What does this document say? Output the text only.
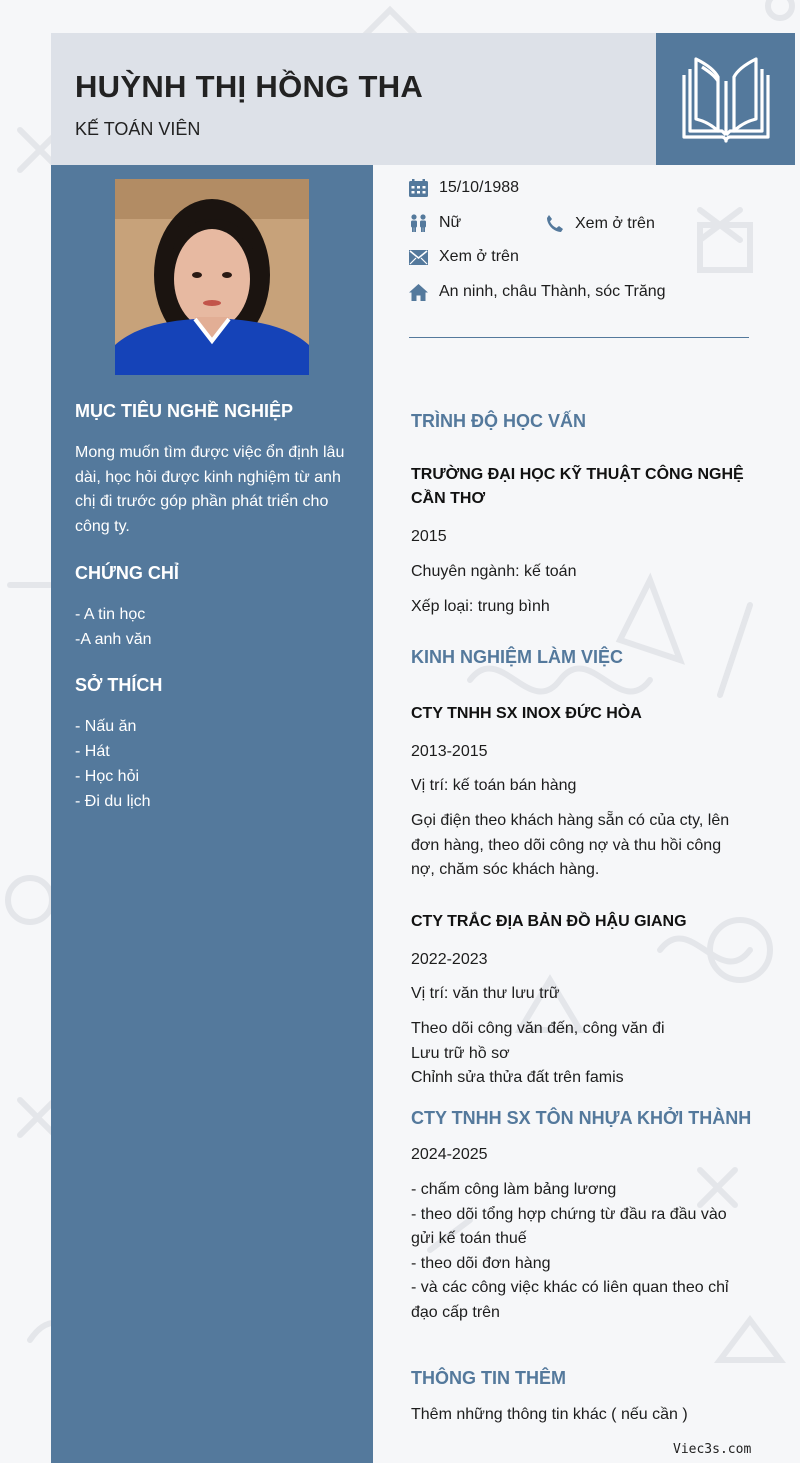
HUỲNH THỊ HỒNG THA
KẾ TOÁN VIÊN
MỤC TIÊU NGHỀ NGHIỆP

Mong muốn tìm được việc ổn định lâu dài, học hỏi được kinh nghiệm từ anh chị đi trước góp phần phát triển cho công ty.

CHỨNG CHỈ
- A tin học
-A anh văn
SỞ THÍCH
- Nấu ăn
- Hát
- Học hỏi
- Đi du lịch
15/10/1988
Nữ	Xem ở trên
Xem ở trên
An ninh, châu Thành, sóc Trăng
TRÌNH ĐỘ HỌC VẤN
TRƯỜNG ĐẠI HỌC KỸ THUẬT CÔNG NGHỆ
CẦN THƠ

2015

Chuyên ngành: kế toán

Xếp loại: trung bình

KINH NGHIỆM LÀM VIỆC
CTY TNHH SX INOX ĐỨC HÒA

2013-2015

Vị trí: kế toán bán hàng

Gọi điện theo khách hàng sẵn có của cty, lên
đơn hàng, theo dõi công nợ và thu hồi công
nợ, chăm sóc khách hàng.
CTY TRẮC ĐỊA BẢN ĐỒ HẬU GIANG

2022-2023

Vị trí: văn thư lưu trữ

Theo dõi công văn đến, công văn đi
Lưu trữ hồ sơ
Chỉnh sửa thửa đất trên famis
CTY TNHH SX TÔN NHỰA KHỞI THÀNH

2024-2025

- chấm công làm bảng lương
- theo dõi tổng hợp chứng từ đầu ra đầu vào
gửi kế toán thuế
- theo dõi đơn hàng
- và các công việc khác có liên quan theo chỉ
đạo cấp trên
THÔNG TIN THÊM

Thêm những thông tin khác ( nếu cần )

Viec3s.com
